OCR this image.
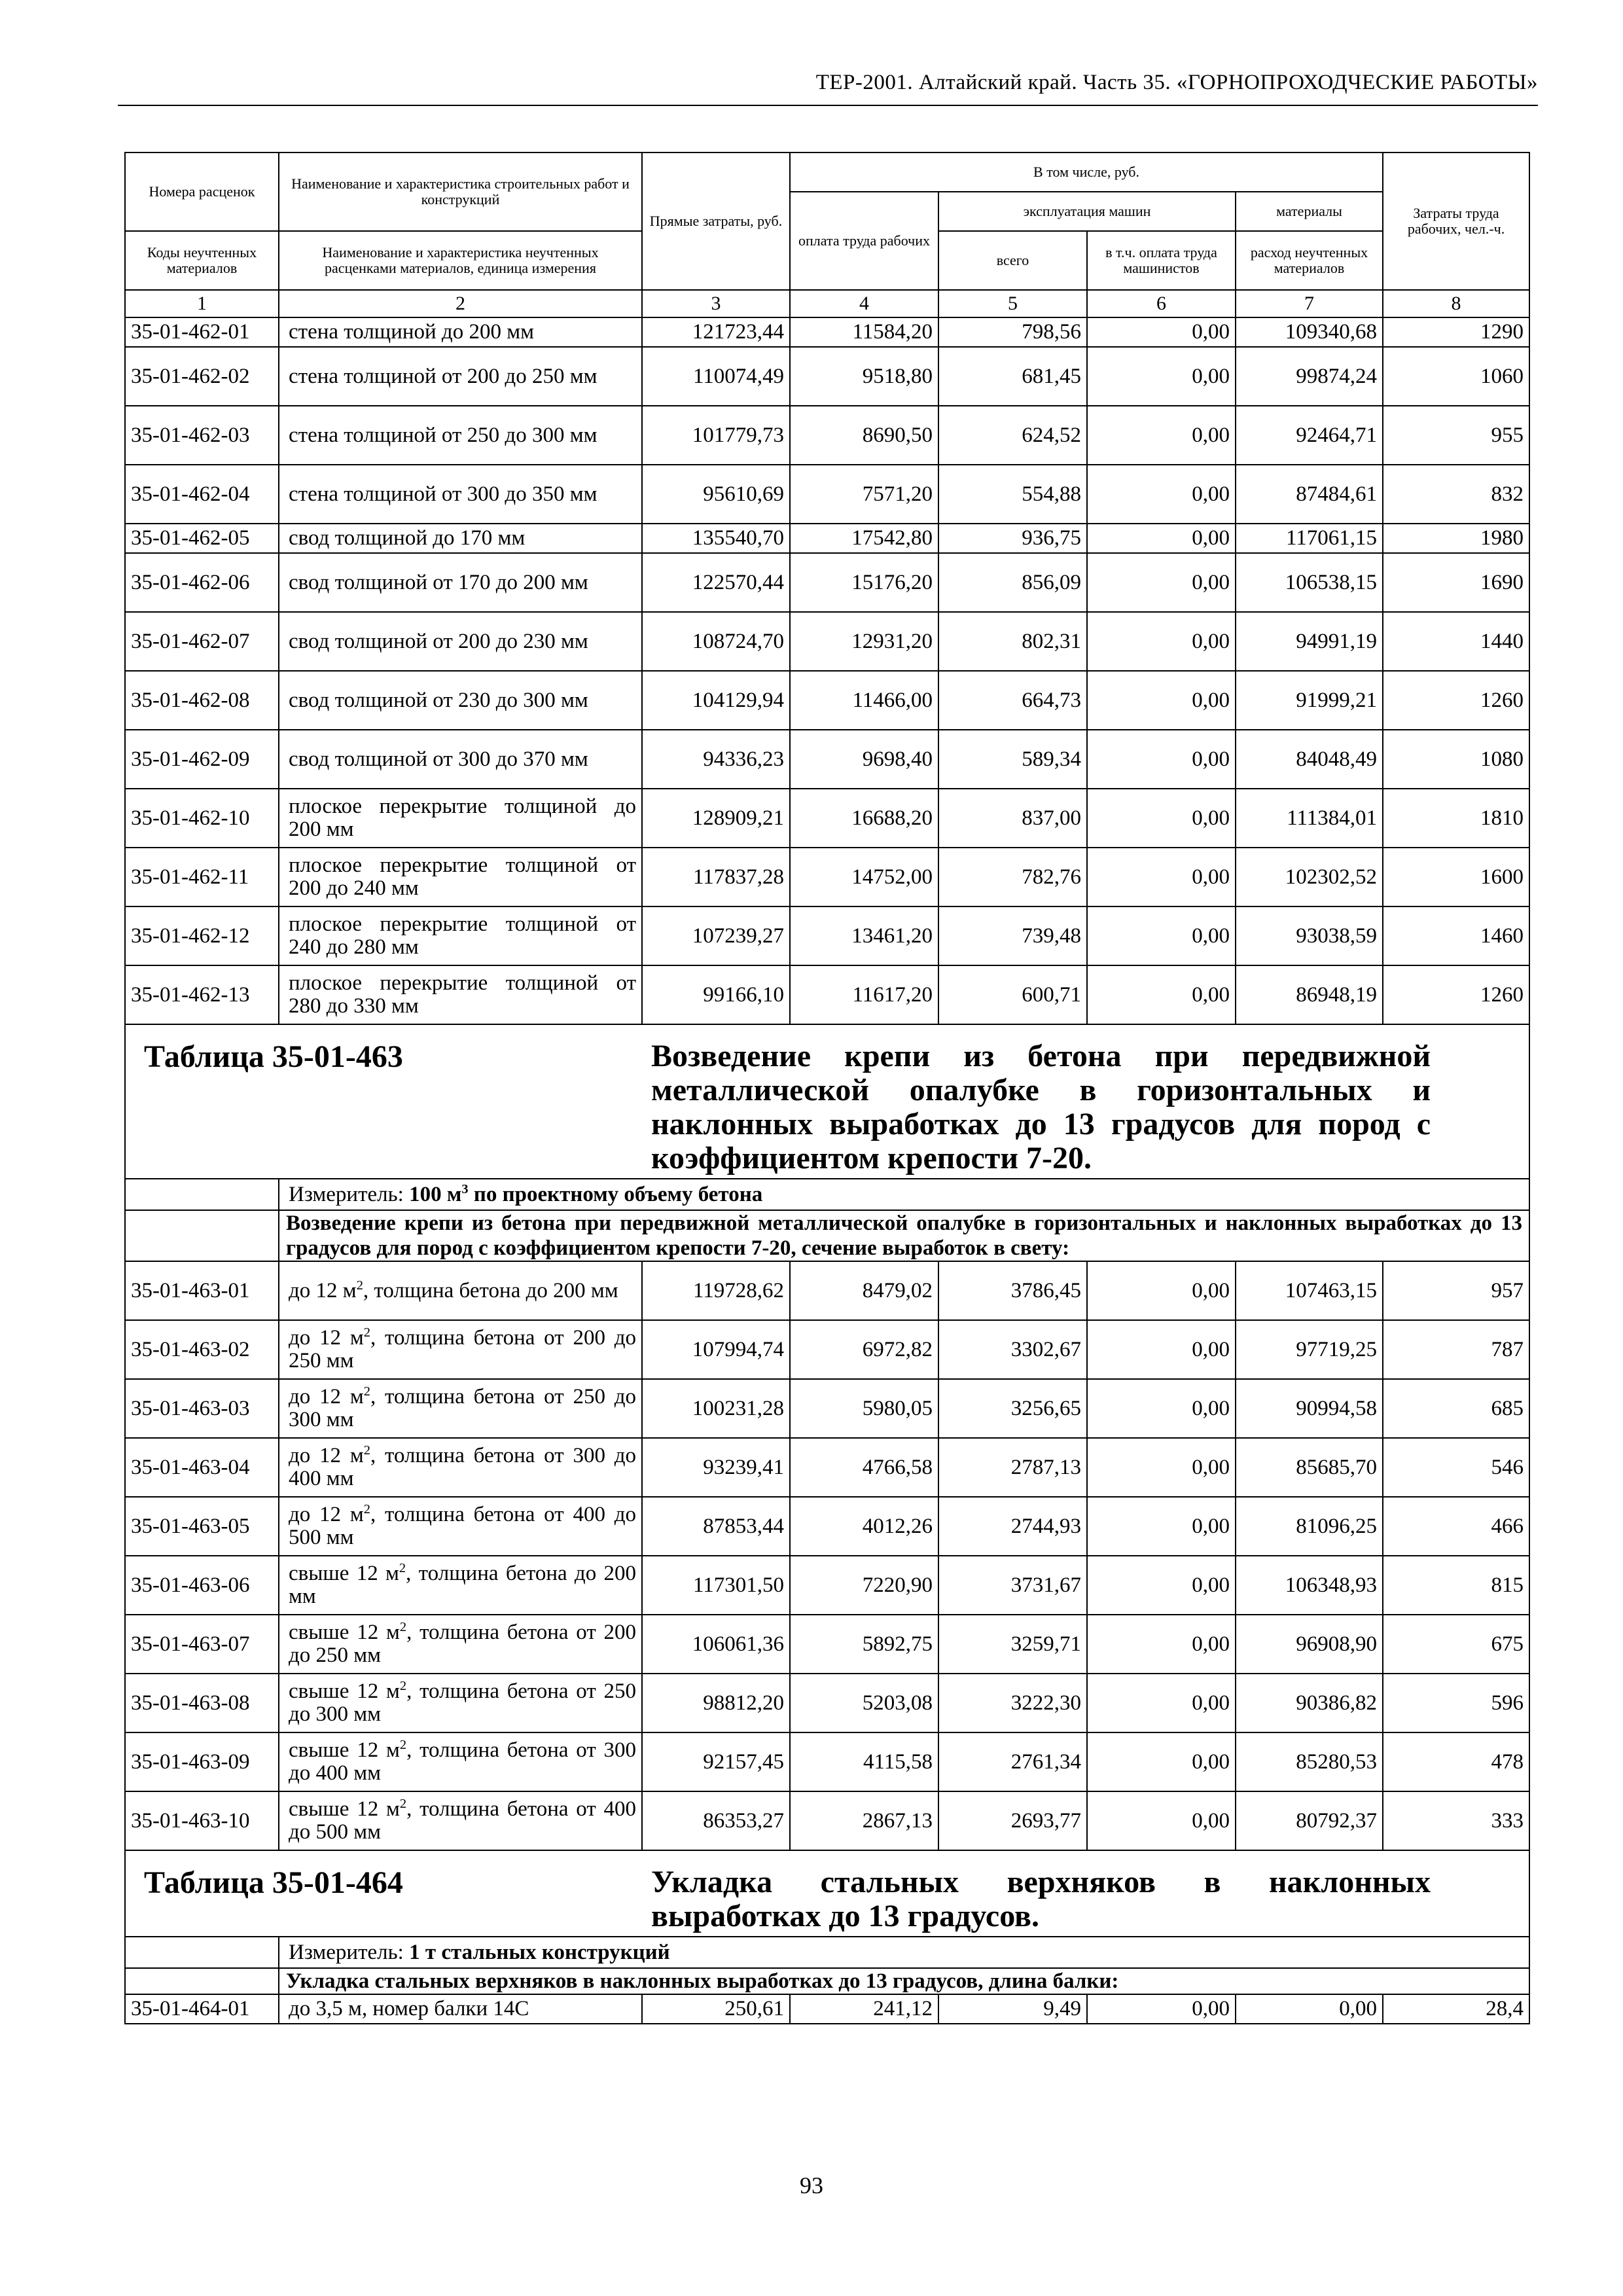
ТЕР-2001. Алтайский край. Часть 35. «ГОРНОПРОХОДЧЕСКИЕ РАБОТЫ»
Номера расценок	Наименование и характеристика строительных работ и конструкций	Прямые затраты, руб.	В том числе, руб.				Затраты труда рабочих, чел.-ч.
			оплата труда рабочих	эксплуатация машин		материалы	
Коды неучтенных материалов	Наименование и характеристика неучтенных расценками материалов, единица измерения			всего	в т.ч. оплата труда машинистов	расход неучтенных материалов	
1	2	3	4	5	6	7	8
35-01-462-01	стена толщиной до 200 мм	121723,44	11584,20	798,56	0,00	109340,68	1290
35-01-462-02	стена толщиной от 200 до 250 мм	110074,49	9518,80	681,45	0,00	99874,24	1060
35-01-462-03	стена толщиной от 250 до 300 мм	101779,73	8690,50	624,52	0,00	92464,71	955
35-01-462-04	стена толщиной от 300 до 350 мм	95610,69	7571,20	554,88	0,00	87484,61	832
35-01-462-05	свод толщиной до 170 мм	135540,70	17542,80	936,75	0,00	117061,15	1980
35-01-462-06	свод толщиной от 170 до 200 мм	122570,44	15176,20	856,09	0,00	106538,15	1690
35-01-462-07	свод толщиной от 200 до 230 мм	108724,70	12931,20	802,31	0,00	94991,19	1440
35-01-462-08	свод толщиной от 230 до 300 мм	104129,94	11466,00	664,73	0,00	91999,21	1260
35-01-462-09	свод толщиной от 300 до 370 мм	94336,23	9698,40	589,34	0,00	84048,49	1080
35-01-462-10	плоское перекрытие толщиной до 200 мм	128909,21	16688,20	837,00	0,00	111384,01	1810
35-01-462-11	плоское перекрытие толщиной от 200 до 240 мм	117837,28	14752,00	782,76	0,00	102302,52	1600
35-01-462-12	плоское перекрытие толщиной от 240 до 280 мм	107239,27	13461,20	739,48	0,00	93038,59	1460
35-01-462-13	плоское перекрытие толщиной от 280 до 330 мм	99166,10	11617,20	600,71	0,00	86948,19	1260

Таблица 35-01-463		Возведение крепи из бетона при передвижной металлической опалубке в горизонтальных и наклонных выработках до 13 градусов для пород с коэффициентом крепости 7-20.					

	Измеритель: 100 $м^3$ по проектному объему бетона						
	Возведение крепи из бетона при передвижной металлической опалубке в горизонтальных и наклонных выработках до 13 градусов для пород с коэффициентом крепости 7-20, сечение выработок в свету:						
35-01-463-01	до 12 $м^2$, толщина бетона до 200 мм	119728,62	8479,02	3786,45	0,00	107463,15	957
35-01-463-02	до 12 $м^2$, толщина бетона от 200 до 250 мм	107994,74	6972,82	3302,67	0,00	97719,25	787
35-01-463-03	до 12 $м^2$, толщина бетона от 250 до 300 мм	100231,28	5980,05	3256,65	0,00	90994,58	685
35-01-463-04	до 12 $м^2$, толщина бетона от 300 до 400 мм	93239,41	4766,58	2787,13	0,00	85685,70	546
35-01-463-05	до 12 $м^2$, толщина бетона от 400 до 500 мм	87853,44	4012,26	2744,93	0,00	81096,25	466
35-01-463-06	свыше 12 $м^2$, толщина бетона до 200 мм	117301,50	7220,90	3731,67	0,00	106348,93	815
35-01-463-07	свыше 12 $м^2$, толщина бетона от 200 до 250 мм	106061,36	5892,75	3259,71	0,00	96908,90	675
35-01-463-08	свыше 12 $м^2$, толщина бетона от 250 до 300 мм	98812,20	5203,08	3222,30	0,00	90386,82	596
35-01-463-09	свыше 12 $м^2$, толщина бетона от 300 до 400 мм	92157,45	4115,58	2761,34	0,00	85280,53	478
35-01-463-10	свыше 12 $м^2$, толщина бетона от 400 до 500 мм	86353,27	2867,13	2693,77	0,00	80792,37	333

Таблица 35-01-464		Укладка стальных верхняков в наклонных выработках до 13 градусов.					

	Измеритель: 1 т стальных конструкций						
	Укладка стальных верхняков в наклонных выработках до 13 градусов, длина балки:						
35-01-464-01	до 3,5 м, номер балки 14С	250,61	241,12	9,49	0,00	0,00	28,4
93
